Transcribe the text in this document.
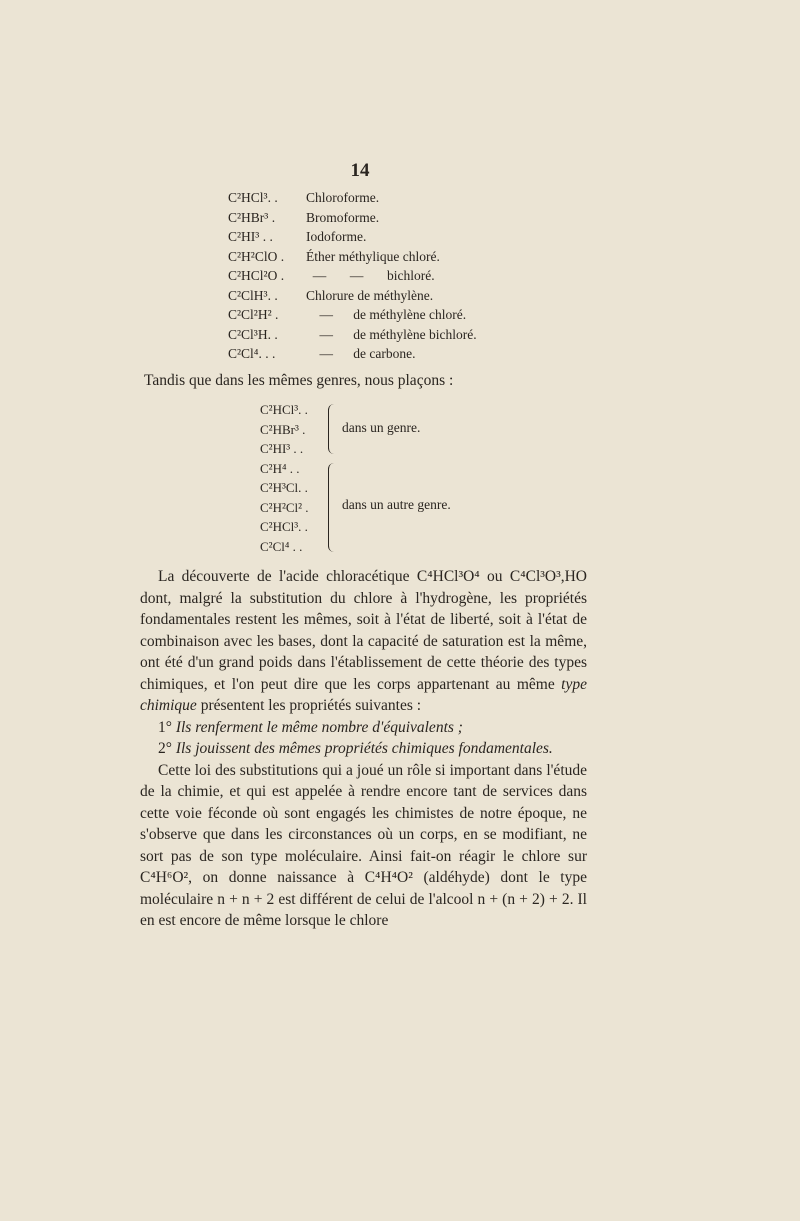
14
C²HCl³. .	Chloroforme.
C²HBr³ .	Bromoforme.
C²HI³ . .	Iodoforme.
C²H²ClO .	Éther méthylique chloré.
C²HCl²O .	—       —       bichloré.
C²ClH³. .	Chlorure de méthylène.
C²Cl²H² .	—      de méthylène chloré.
C²Cl³H. .	—      de méthylène bichloré.
C²Cl⁴. . .	—      de carbone.
Tandis que dans les mêmes genres, nous plaçons :
C²HCl³. .
C²HBr³ .
C²HI³ . .
dans un genre.
C²H⁴ . .
C²H³Cl. .
C²H²Cl² .
C²HCl³. .
C²Cl⁴ . .
dans un autre genre.

La découverte de l'acide chloracétique C⁴HCl³O⁴ ou C⁴Cl³O³,HO dont, malgré la substitution du chlore à l'hydrogène, les propriétés fondamentales restent les mêmes, soit à l'état de liberté, soit à l'état de combinaison avec les bases, dont la capacité de saturation est la même, ont été d'un grand poids dans l'établissement de cette théorie des types chimiques, et l'on peut dire que les corps appartenant au même type chimique présentent les propriétés suivantes :

1° Ils renferment le même nombre d'équivalents ;

2° Ils jouissent des mêmes propriétés chimiques fondamentales.

Cette loi des substitutions qui a joué un rôle si important dans l'étude de la chimie, et qui est appelée à rendre encore tant de services dans cette voie féconde où sont engagés les chimistes de notre époque, ne s'observe que dans les circonstances où un corps, en se modifiant, ne sort pas de son type moléculaire. Ainsi fait-on réagir le chlore sur C⁴H⁶O², on donne naissance à C⁴H⁴O² (aldéhyde) dont le type moléculaire n + n + 2 est différent de celui de l'alcool n + (n + 2) + 2. Il en est encore de même lorsque le chlore
